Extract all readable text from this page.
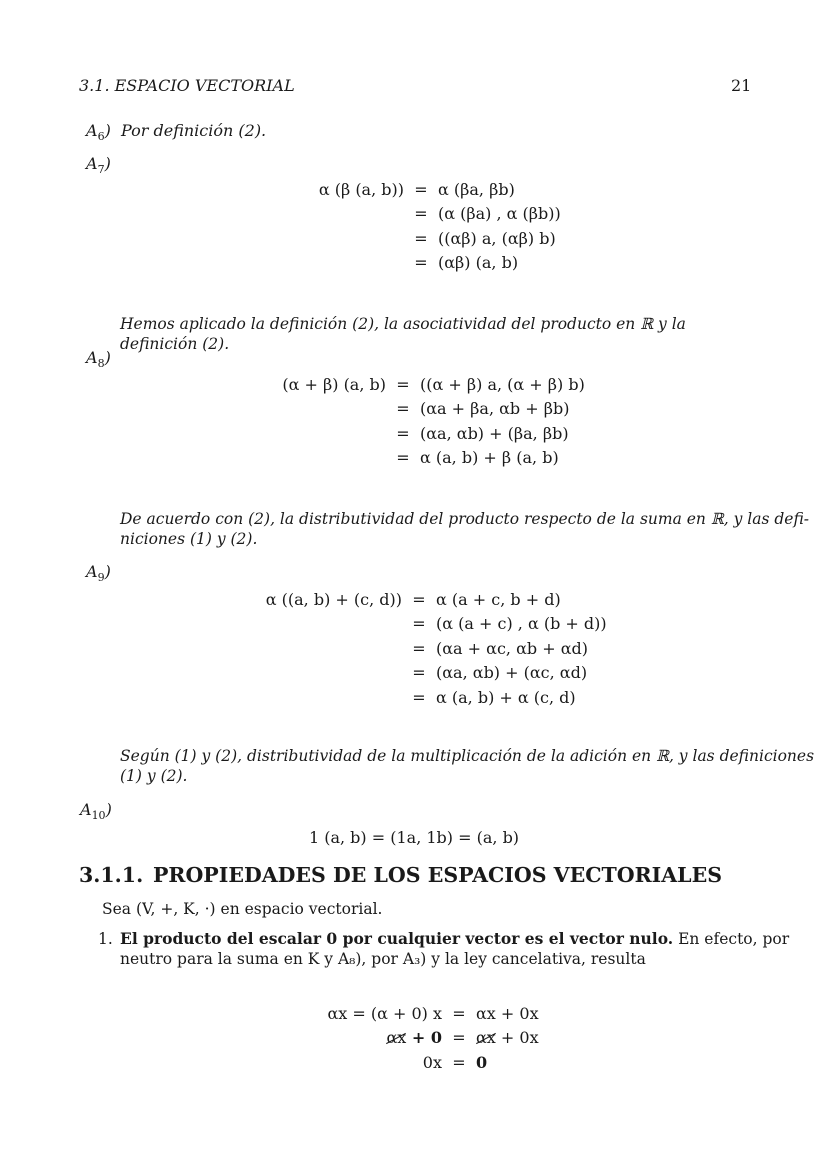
3.1. ESPACIO VECTORIAL	21
$A_6$) Por definición (2).
$A_7$)
α (β (a, b))	=	α (βa, βb)
	=	(α (βa) , α (βb))
	=	((αβ) a, (αβ) b)
	=	(αβ) (a, b)
Hemos aplicado la definición (2), la asociatividad del producto en ℝ y la definición (2).
$A_8$)
(α + β) (a, b)	=	((α + β) a, (α + β) b)
	=	(αa + βa, αb + βb)
	=	(αa, αb) + (βa, βb)
	=	α (a, b) + β (a, b)
De acuerdo con (2), la distributividad del producto respecto de la suma en ℝ, y las defi-
niciones (1) y (2).
$A_9$)
α ((a, b) + (c, d))	=	α (a + c, b + d)
	=	(α (a + c) , α (b + d))
	=	(αa + αc, αb + αd)
	=	(αa, αb) + (αc, αd)
	=	α (a, b) + α (c, d)
Según (1) y (2), distributividad de la multiplicación de la adición en ℝ, y las definiciones
(1) y (2).
$A_{10}$)
1 (a, b) = (1a, 1b) = (a, b)
3.1.1. PROPIEDADES DE LOS ESPACIOS VECTORIALES
Sea (V, +, K, ·) en espacio vectorial.
1. El producto del escalar 0 por cualquier vector es el vector nulo. En efecto, por
neutro para la suma en K y A₈), por A₃) y la ley cancelativa, resulta
αx = (α + 0) x	=	αx + 0x
αx + 0	=	αx + 0x
0x	=	0
